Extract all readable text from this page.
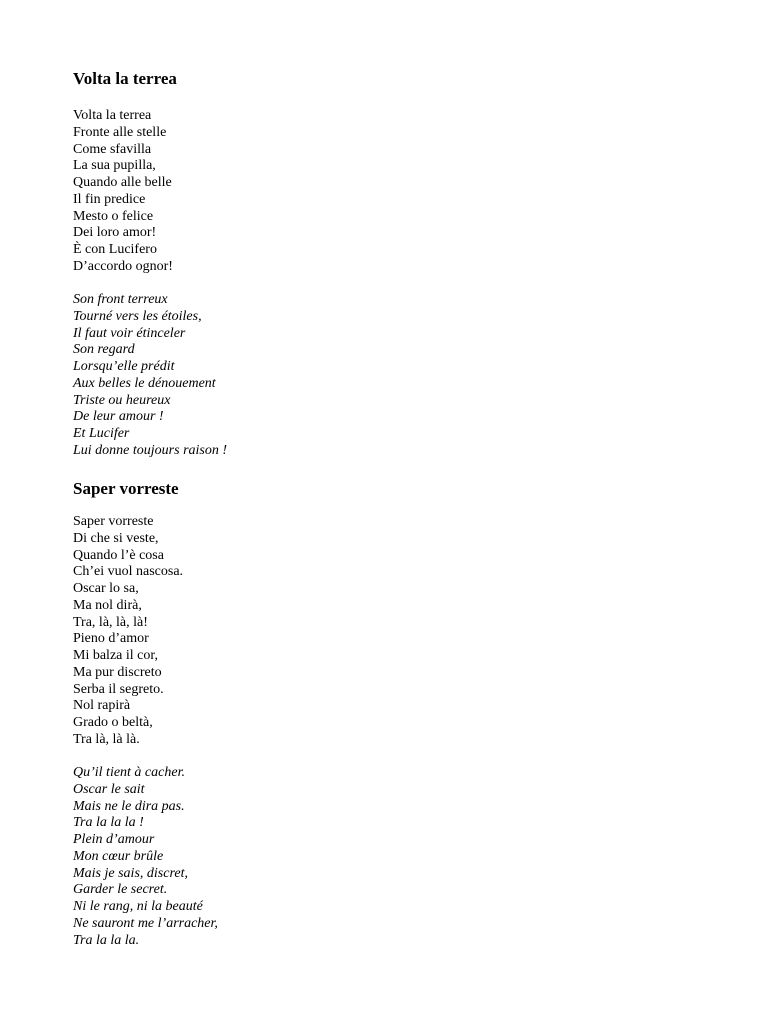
Volta la terrea
Volta la terrea
Fronte alle stelle
Come sfavilla
La sua pupilla,
Quando alle belle
Il fin predice
Mesto o felice
Dei loro amor!
È con Lucifero
D’accordo ognor!
Son front terreux
Tourné vers les étoiles,
Il faut voir étinceler
Son regard
Lorsqu’elle prédit
Aux belles le dénouement
Triste ou heureux
De leur amour !
Et Lucifer
Lui donne toujours raison !
Saper vorreste
Saper vorreste
Di che si veste,
Quando l’è cosa
Ch’ei vuol nascosa.
Oscar lo sa,
Ma nol dirà,
Tra, là, là, là!
Pieno d’amor
Mi balza il cor,
Ma pur discreto
Serba il segreto.
Nol rapirà
Grado o beltà,
Tra là, là là.
Qu’il tient à cacher.
Oscar le sait
Mais ne le dira pas.
Tra la la la !
Plein d’amour
Mon cœur brûle
Mais je sais, discret,
Garder le secret.
Ni le rang, ni la beauté
Ne sauront me l’arracher,
Tra la la la.
